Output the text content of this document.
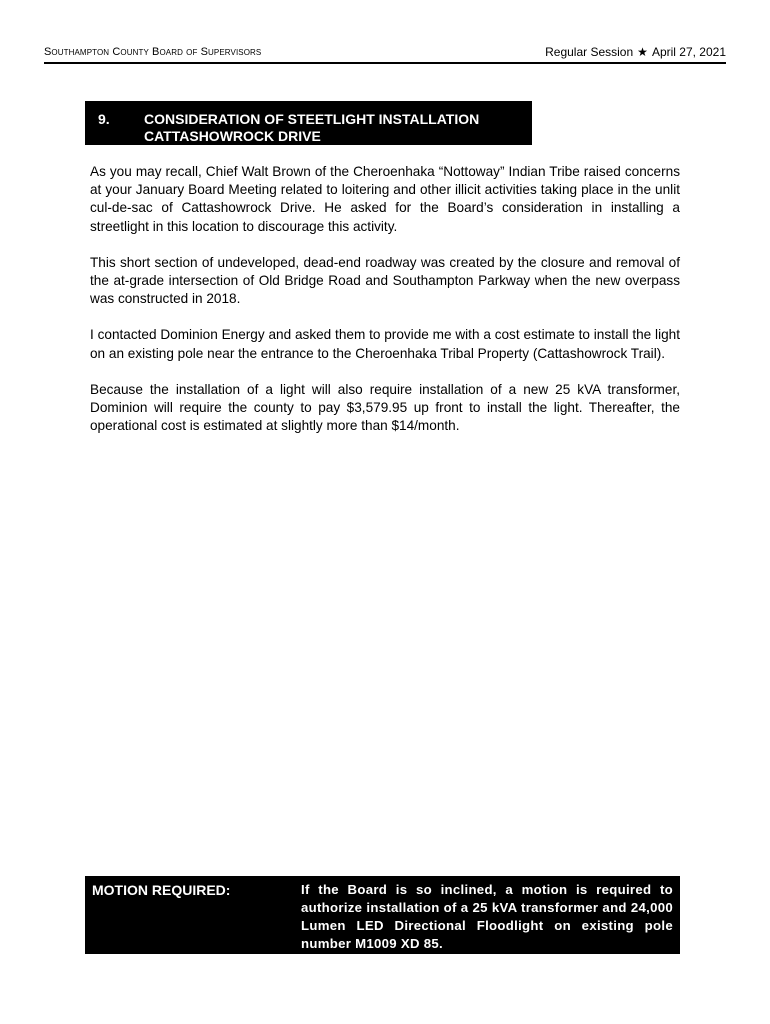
Southampton County Board of Supervisors	Regular Session ★ April 27, 2021
9. CONSIDERATION OF STEETLIGHT INSTALLATION
CATTASHOWROCK DRIVE

As you may recall, Chief Walt Brown of the Cheroenhaka “Nottoway” Indian Tribe raised concerns at your January Board Meeting related to loitering and other illicit activities taking place in the unlit cul-de-sac of Cattashowrock Drive. He asked for the Board’s consideration in installing a streetlight in this location to discourage this activity.

This short section of undeveloped, dead-end roadway was created by the closure and removal of the at-grade intersection of Old Bridge Road and Southampton Parkway when the new overpass was constructed in 2018.

I contacted Dominion Energy and asked them to provide me with a cost estimate to install the light on an existing pole near the entrance to the Cheroenhaka Tribal Property (Cattashowrock Trail).

Because the installation of a light will also require installation of a new 25 kVA transformer, Dominion will require the county to pay $3,579.95 up front to install the light. Thereafter, the operational cost is estimated at slightly more than $14/month.

MOTION REQUIRED:	If the Board is so inclined, a motion is required to authorize installation of a 25 kVA transformer and 24,000 Lumen LED Directional Floodlight on existing pole number M1009 XD 85.
